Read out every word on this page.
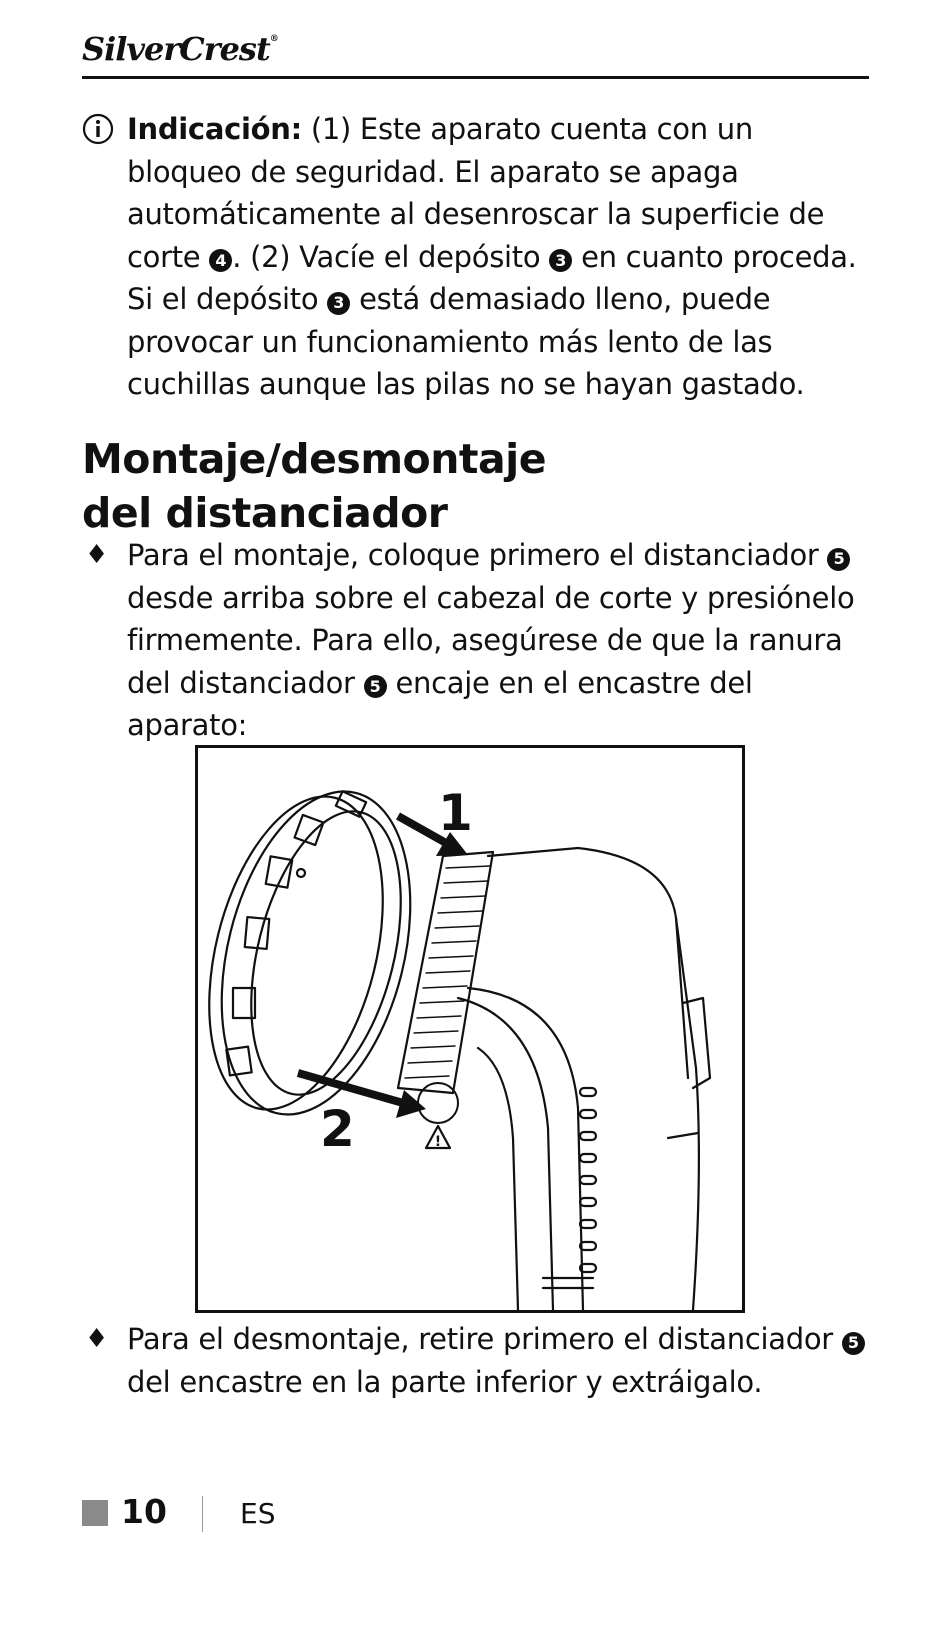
SilverCrest®

Indicación: (1) Este aparato cuenta con un bloqueo de seguridad. El aparato se apaga automáticamente al desenroscar la superficie de corte 4 . (2) Vacíe el depósito 3 en cuanto proceda. Si el depósito 3 está demasiado lleno, puede provocar un funcionamiento más lento de las cuchillas aunque las pilas no se hayan gastado.

Montaje/desmontaje
del distanciador
♦ Para el montaje, coloque primero el distanciador 5 desde arriba sobre el cabezal de corte y presiónelo firmemente. Para ello, asegúrese de que la ranura del distanciador 5 encaje en el encastre del aparato:

1
2	!
♦ Para el desmontaje, retire primero el distanciador 5 del encastre en la parte inferior y extráigalo.

10	ES
